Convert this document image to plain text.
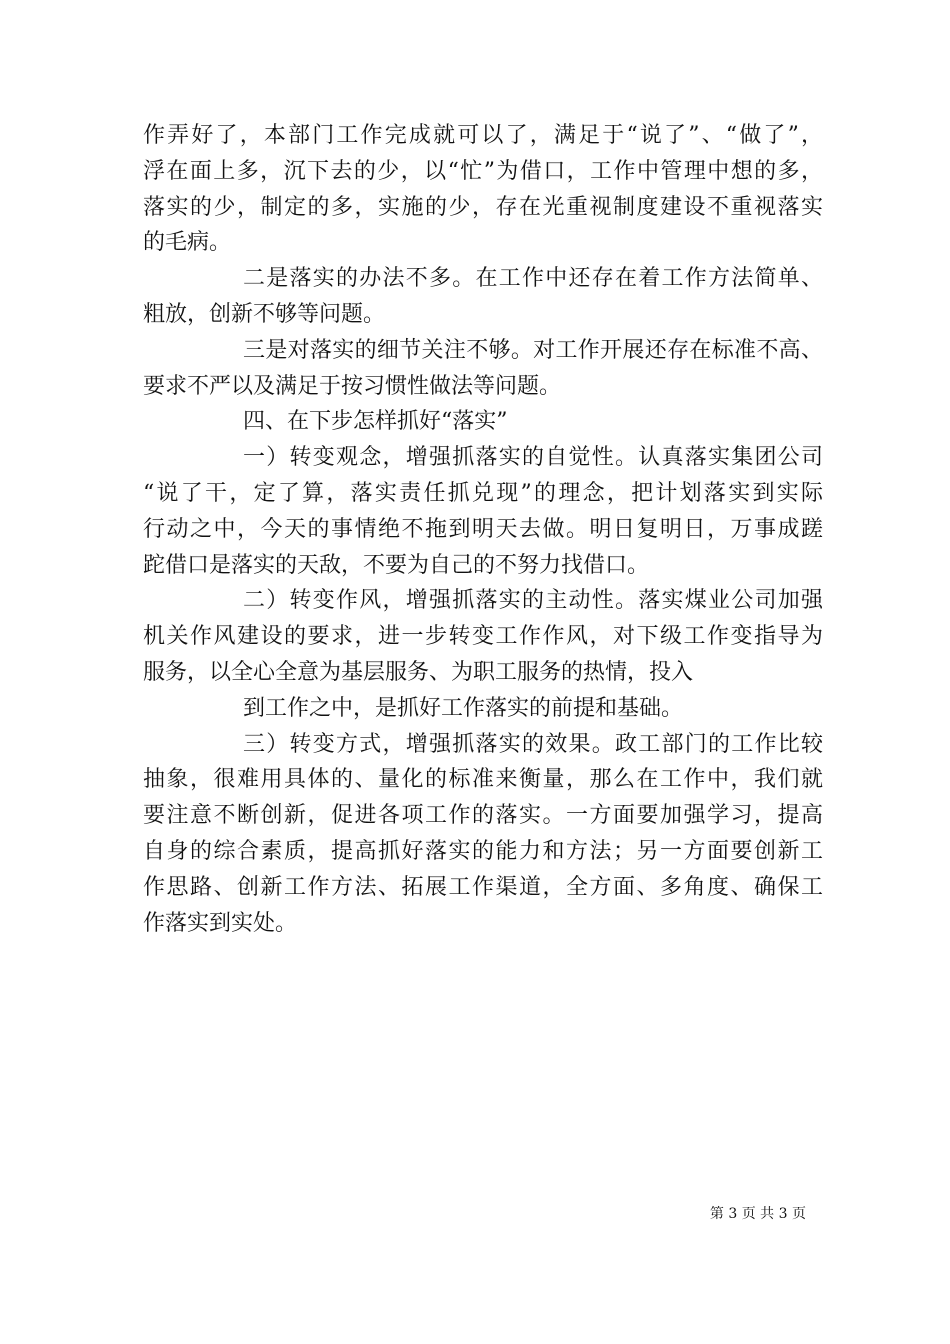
作弄好了，本部门工作完成就可以了，满足于“说了”、“做了”，
浮在面上多，沉下去的少，以“忙”为借口，工作中管理中想的多，
落实的少，制定的多，实施的少，存在光重视制度建设不重视落实
的毛病。
二是落实的办法不多。在工作中还存在着工作方法简单、
粗放，创新不够等问题。
三是对落实的细节关注不够。对工作开展还存在标准不高、
要求不严以及满足于按习惯性做法等问题。
四、在下步怎样抓好“落实”
一）转变观念，增强抓落实的自觉性。认真落实集团公司
“说了干，定了算，落实责任抓兑现”的理念，把计划落实到实际
行动之中，今天的事情绝不拖到明天去做。明日复明日，万事成蹉
跎借口是落实的天敌，不要为自己的不努力找借口。
二）转变作风，增强抓落实的主动性。落实煤业公司加强
机关作风建设的要求，进一步转变工作作风，对下级工作变指导为
服务，以全心全意为基层服务、为职工服务的热情，投入
到工作之中，是抓好工作落实的前提和基础。
三）转变方式，增强抓落实的效果。政工部门的工作比较
抽象，很难用具体的、量化的标准来衡量，那么在工作中，我们就
要注意不断创新，促进各项工作的落实。一方面要加强学习，提高
自身的综合素质，提高抓好落实的能力和方法；另一方面要创新工
作思路、创新工作方法、拓展工作渠道，全方面、多角度、确保工
作落实到实处。
第 3 页 共 3 页
